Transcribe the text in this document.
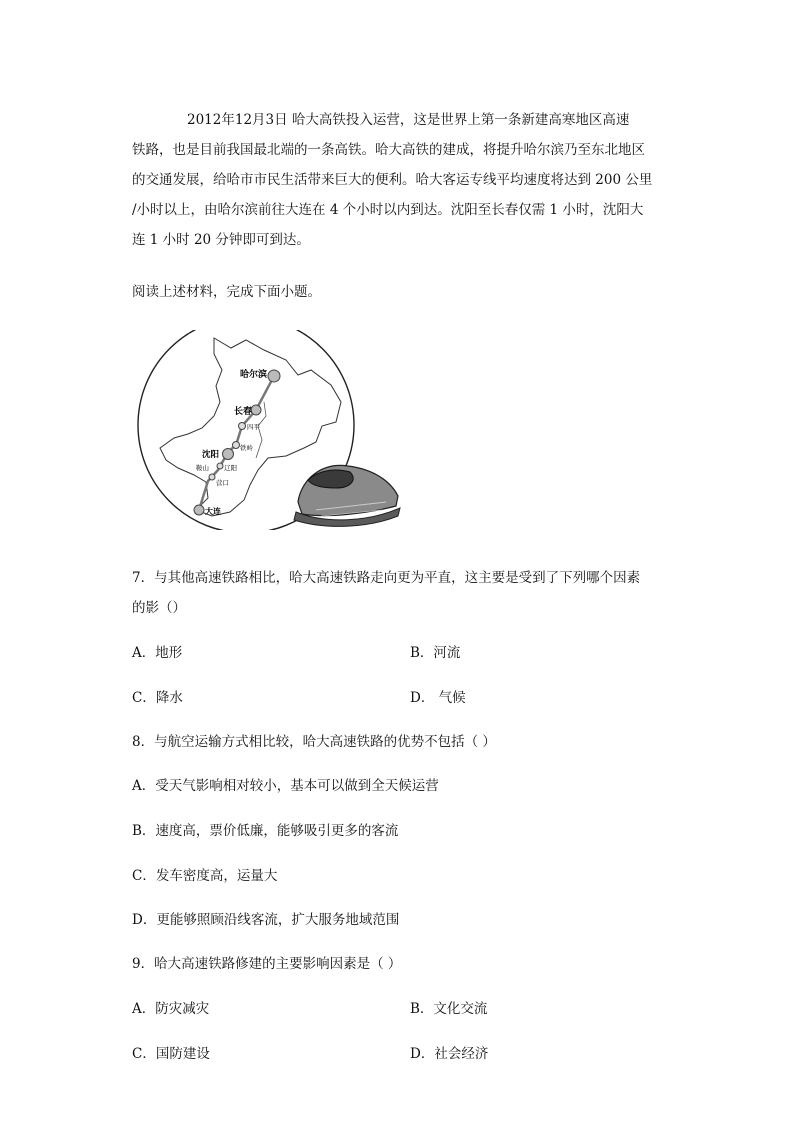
2012年12月3日 哈大高铁投入运营，这是世界上第一条新建高寒地区高速

铁路，也是目前我国最北端的一条高铁。哈大高铁的建成，将提升哈尔滨乃至东北地区

的交通发展，给哈市市民生活带来巨大的便利。哈大客运专线平均速度将达到 200 公里

/小时以上，由哈尔滨前往大连在 4 个小时以内到达。沈阳至长春仅需 1 小时，沈阳大

连 1 小时 20 分钟即可到达。

阅读上述材料，完成下面小题。

哈尔滨
长春
四平
铁岭
沈阳
鞍山 辽阳
营口
大连

7．与其他高速铁路相比，哈大高速铁路走向更为平直，这主要是受到了下列哪个因素

的影（）

A．地形	B．河流

C．降水	D． 气候

8．与航空运输方式相比较，哈大高速铁路的优势不包括（ ）

A．受天气影响相对较小，基本可以做到全天候运营

B．速度高，票价低廉，能够吸引更多的客流

C．发车密度高，运量大

D．更能够照顾沿线客流，扩大服务地域范围

9．哈大高速铁路修建的主要影响因素是（ ）

A．防灾减灾	B．文化交流

C．国防建设	D．社会经济
